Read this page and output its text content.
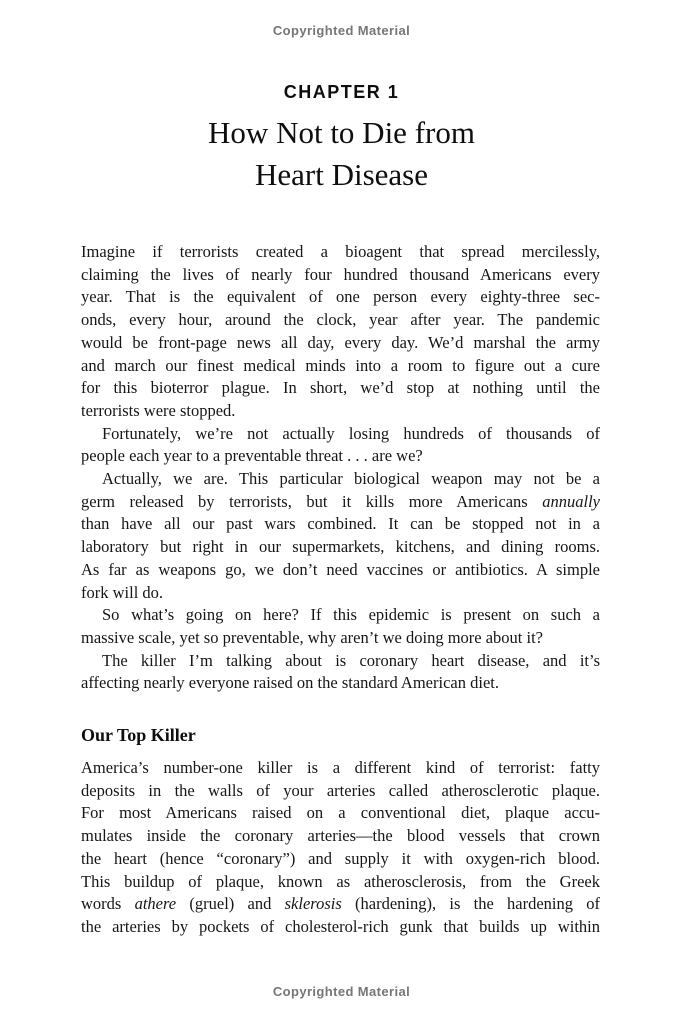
Copyrighted Material
CHAPTER 1
How Not to Die from
Heart Disease
Imagine if terrorists created a bioagent that spread mercilessly,
claiming the lives of nearly four hundred thousand Americans every
year. That is the equivalent of one person every eighty-three sec-
onds, every hour, around the clock, year after year. The pandemic
would be front-page news all day, every day. We’d marshal the army
and march our finest medical minds into a room to figure out a cure
for this bioterror plague. In short, we’d stop at nothing until the
terrorists were stopped.
Fortunately, we’re not actually losing hundreds of thousands of
people each year to a preventable threat . . . are we?
Actually, we are. This particular biological weapon may not be a
germ released by terrorists, but it kills more Americans annually
than have all our past wars combined. It can be stopped not in a
laboratory but right in our supermarkets, kitchens, and dining rooms.
As far as weapons go, we don’t need vaccines or antibiotics. A simple
fork will do.
So what’s going on here? If this epidemic is present on such a
massive scale, yet so preventable, why aren’t we doing more about it?
The killer I’m talking about is coronary heart disease, and it’s
affecting nearly everyone raised on the standard American diet.
Our Top Killer
America’s number-one killer is a different kind of terrorist: fatty
deposits in the walls of your arteries called atherosclerotic plaque.
For most Americans raised on a conventional diet, plaque accu-
mulates inside the coronary arteries—the blood vessels that crown
the heart (hence “coronary”) and supply it with oxygen-rich blood.
This buildup of plaque, known as atherosclerosis, from the Greek
words athere (gruel) and sklerosis (hardening), is the hardening of
the arteries by pockets of cholesterol-rich gunk that builds up within
Copyrighted Material
